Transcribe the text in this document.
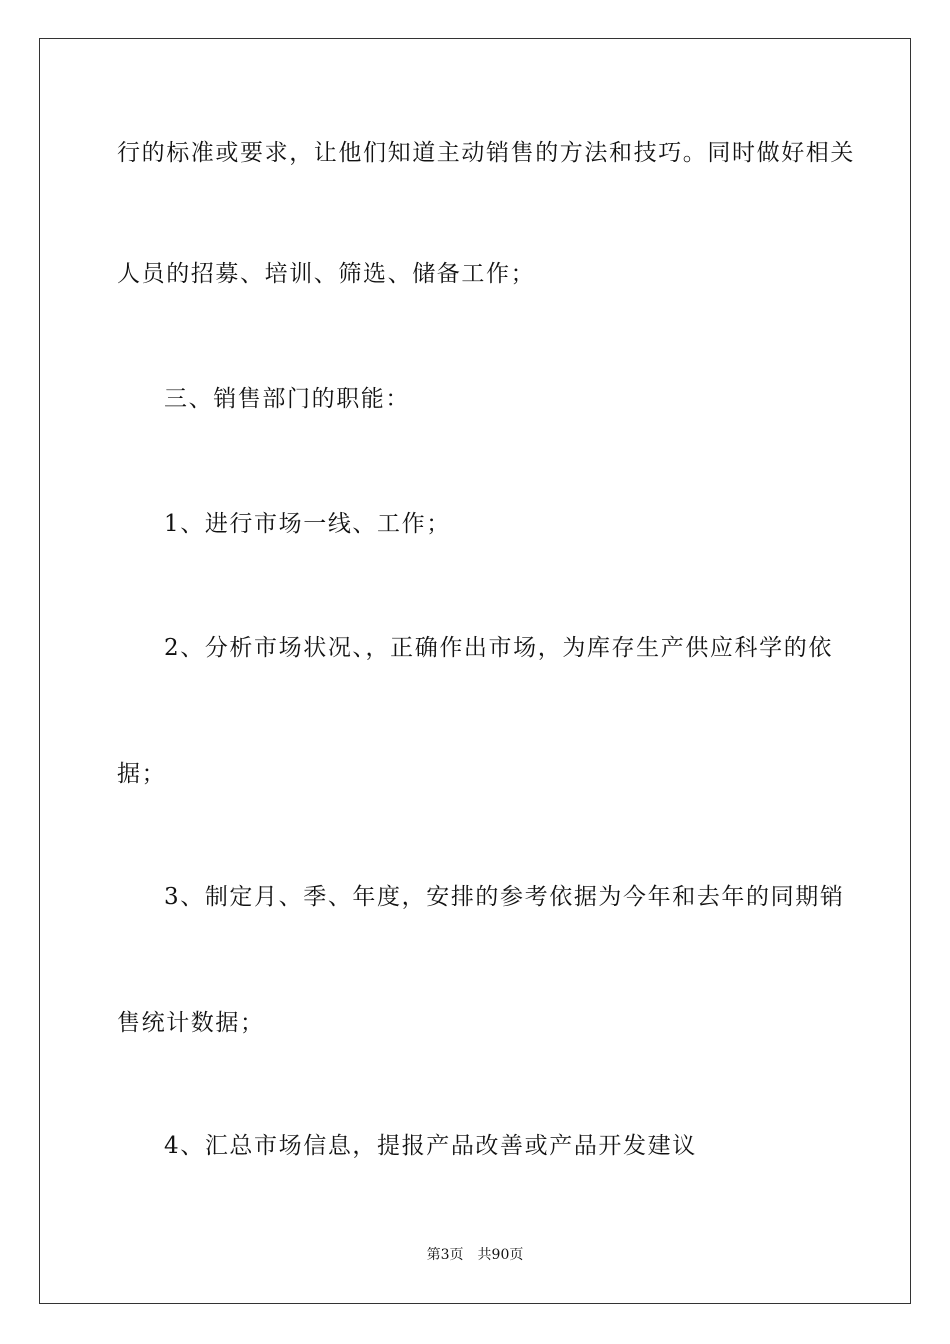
行的标准或要求，让他们知道主动销售的方法和技巧。同时做好相关
人员的招募、培训、筛选、储备工作；
三、销售部门的职能：
1、进行市场一线、工作；
2、分析市场状况、，正确作出市场，为库存生产供应科学的依
据；
3、制定月、季、年度，安排的参考依据为今年和去年的同期销
售统计数据；
4、汇总市场信息，提报产品改善或产品开发建议
第3页 共90页
